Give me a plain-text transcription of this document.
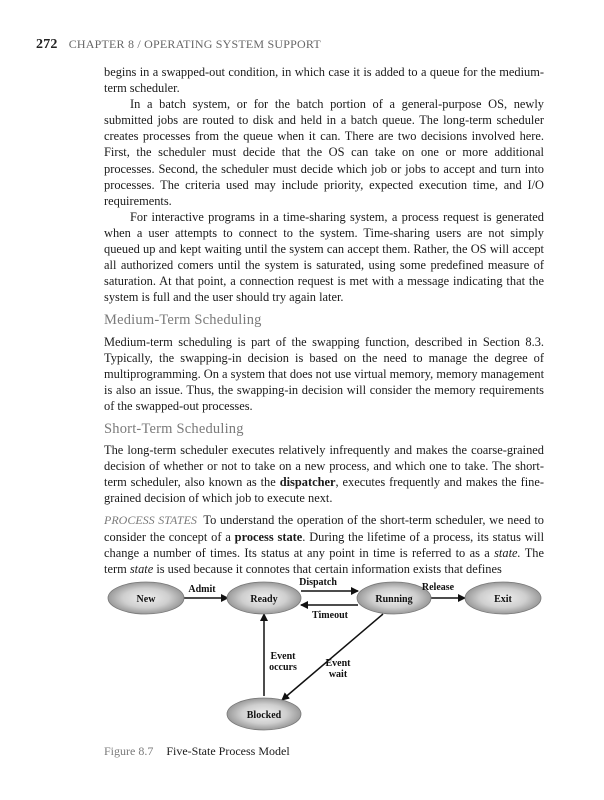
272 CHAPTER 8 / OPERATING SYSTEM SUPPORT

begins in a swapped-out condition, in which case it is added to a queue for the medium-term scheduler.

In a batch system, or for the batch portion of a general-purpose OS, newly submitted jobs are routed to disk and held in a batch queue. The long-term scheduler creates processes from the queue when it can. There are two decisions involved here. First, the scheduler must decide that the OS can take on one or more additional processes. Second, the scheduler must decide which job or jobs to accept and turn into processes. The criteria used may include priority, expected execution time, and I/O requirements.

For interactive programs in a time-sharing system, a process request is generated when a user attempts to connect to the system. Time-sharing users are not simply queued up and kept waiting until the system can accept them. Rather, the OS will accept all authorized comers until the system is saturated, using some predefined measure of saturation. At that point, a connection request is met with a message indicating that the system is full and the user should try again later.

Medium-Term Scheduling

Medium-term scheduling is part of the swapping function, described in Section 8.3. Typically, the swapping-in decision is based on the need to manage the degree of multiprogramming. On a system that does not use virtual memory, memory management is also an issue. Thus, the swapping-in decision will consider the memory requirements of the swapped-out processes.

Short-Term Scheduling

The long-term scheduler executes relatively infrequently and makes the coarse-grained decision of whether or not to take on a new process, and which one to take. The short-term scheduler, also known as the dispatcher, executes frequently and makes the fine-grained decision of which job to execute next.

PROCESS STATES To understand the operation of the short-term scheduler, we need to consider the concept of a process state. During the lifetime of a process, its status will change a number of times. Its status at any point in time is referred to as a state. The term state is used because it connotes that certain information exists that defines

New	Ready	Running	Exit
Blocked
Admit
Dispatch
Timeout
Release
Event
occurs	Event
wait
Figure 8.7 Five-State Process Model
